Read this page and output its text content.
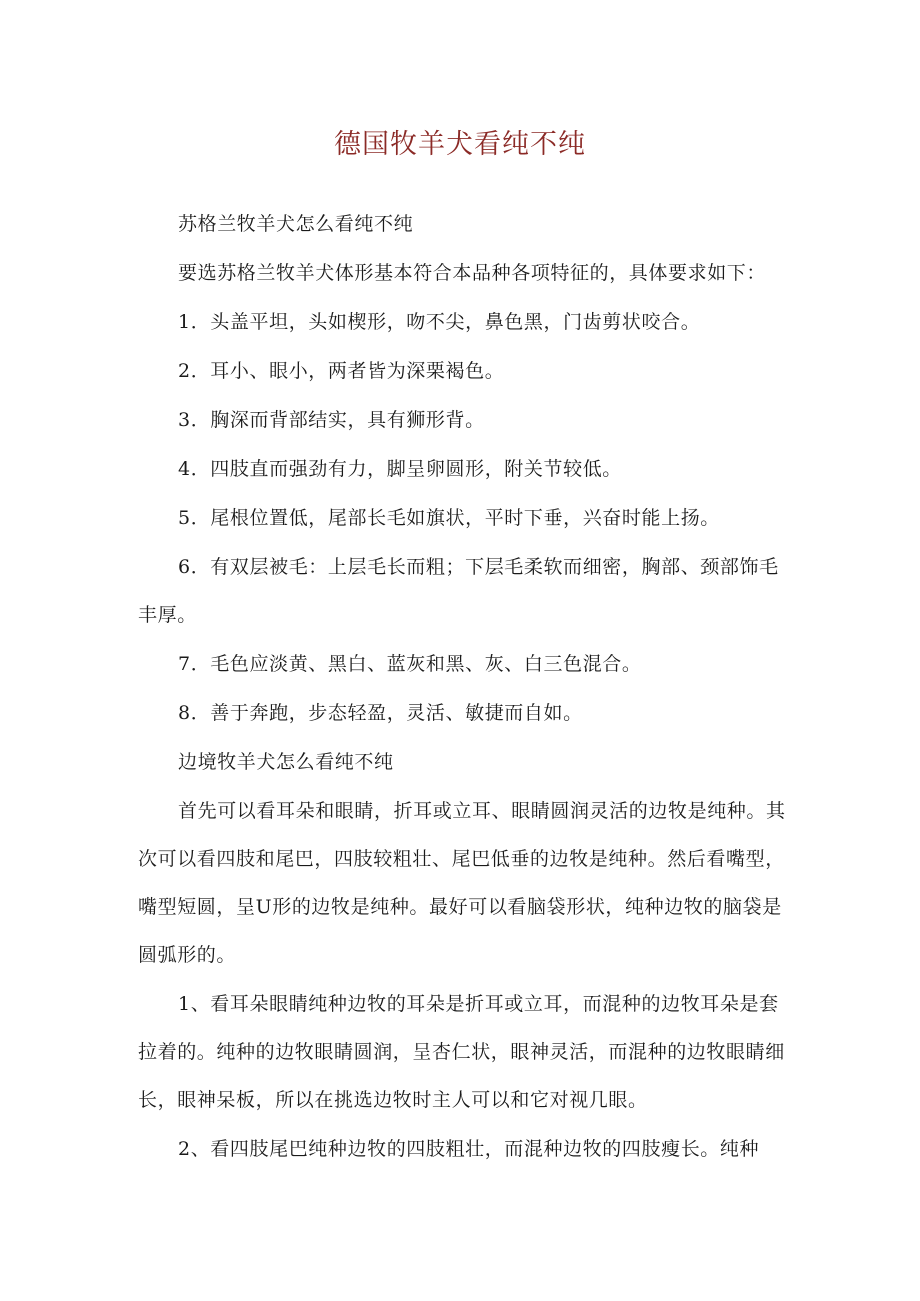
德国牧羊犬看纯不纯

苏格兰牧羊犬怎么看纯不纯

要选苏格兰牧羊犬体形基本符合本品种各项特征的，具体要求如下：

1．头盖平坦，头如楔形，吻不尖，鼻色黑，门齿剪状咬合。

2．耳小、眼小，两者皆为深栗褐色。

3．胸深而背部结实，具有狮形背。

4．四肢直而强劲有力，脚呈卵圆形，附关节较低。

5．尾根位置低，尾部长毛如旗状，平时下垂，兴奋时能上扬。

6．有双层被毛：上层毛长而粗；下层毛柔软而细密，胸部、颈部饰毛丰厚。

7．毛色应淡黄、黑白、蓝灰和黑、灰、白三色混合。

8．善于奔跑，步态轻盈，灵活、敏捷而自如。

边境牧羊犬怎么看纯不纯

首先可以看耳朵和眼睛，折耳或立耳、眼睛圆润灵活的边牧是纯种。其次可以看四肢和尾巴，四肢较粗壮、尾巴低垂的边牧是纯种。然后看嘴型，嘴型短圆，呈U形的边牧是纯种。最好可以看脑袋形状，纯种边牧的脑袋是圆弧形的。

1、看耳朵眼睛纯种边牧的耳朵是折耳或立耳，而混种的边牧耳朵是套拉着的。纯种的边牧眼睛圆润，呈杏仁状，眼神灵活，而混种的边牧眼睛细长，眼神呆板，所以在挑选边牧时主人可以和它对视几眼。

2、看四肢尾巴纯种边牧的四肢粗壮，而混种边牧的四肢瘦长。纯种
